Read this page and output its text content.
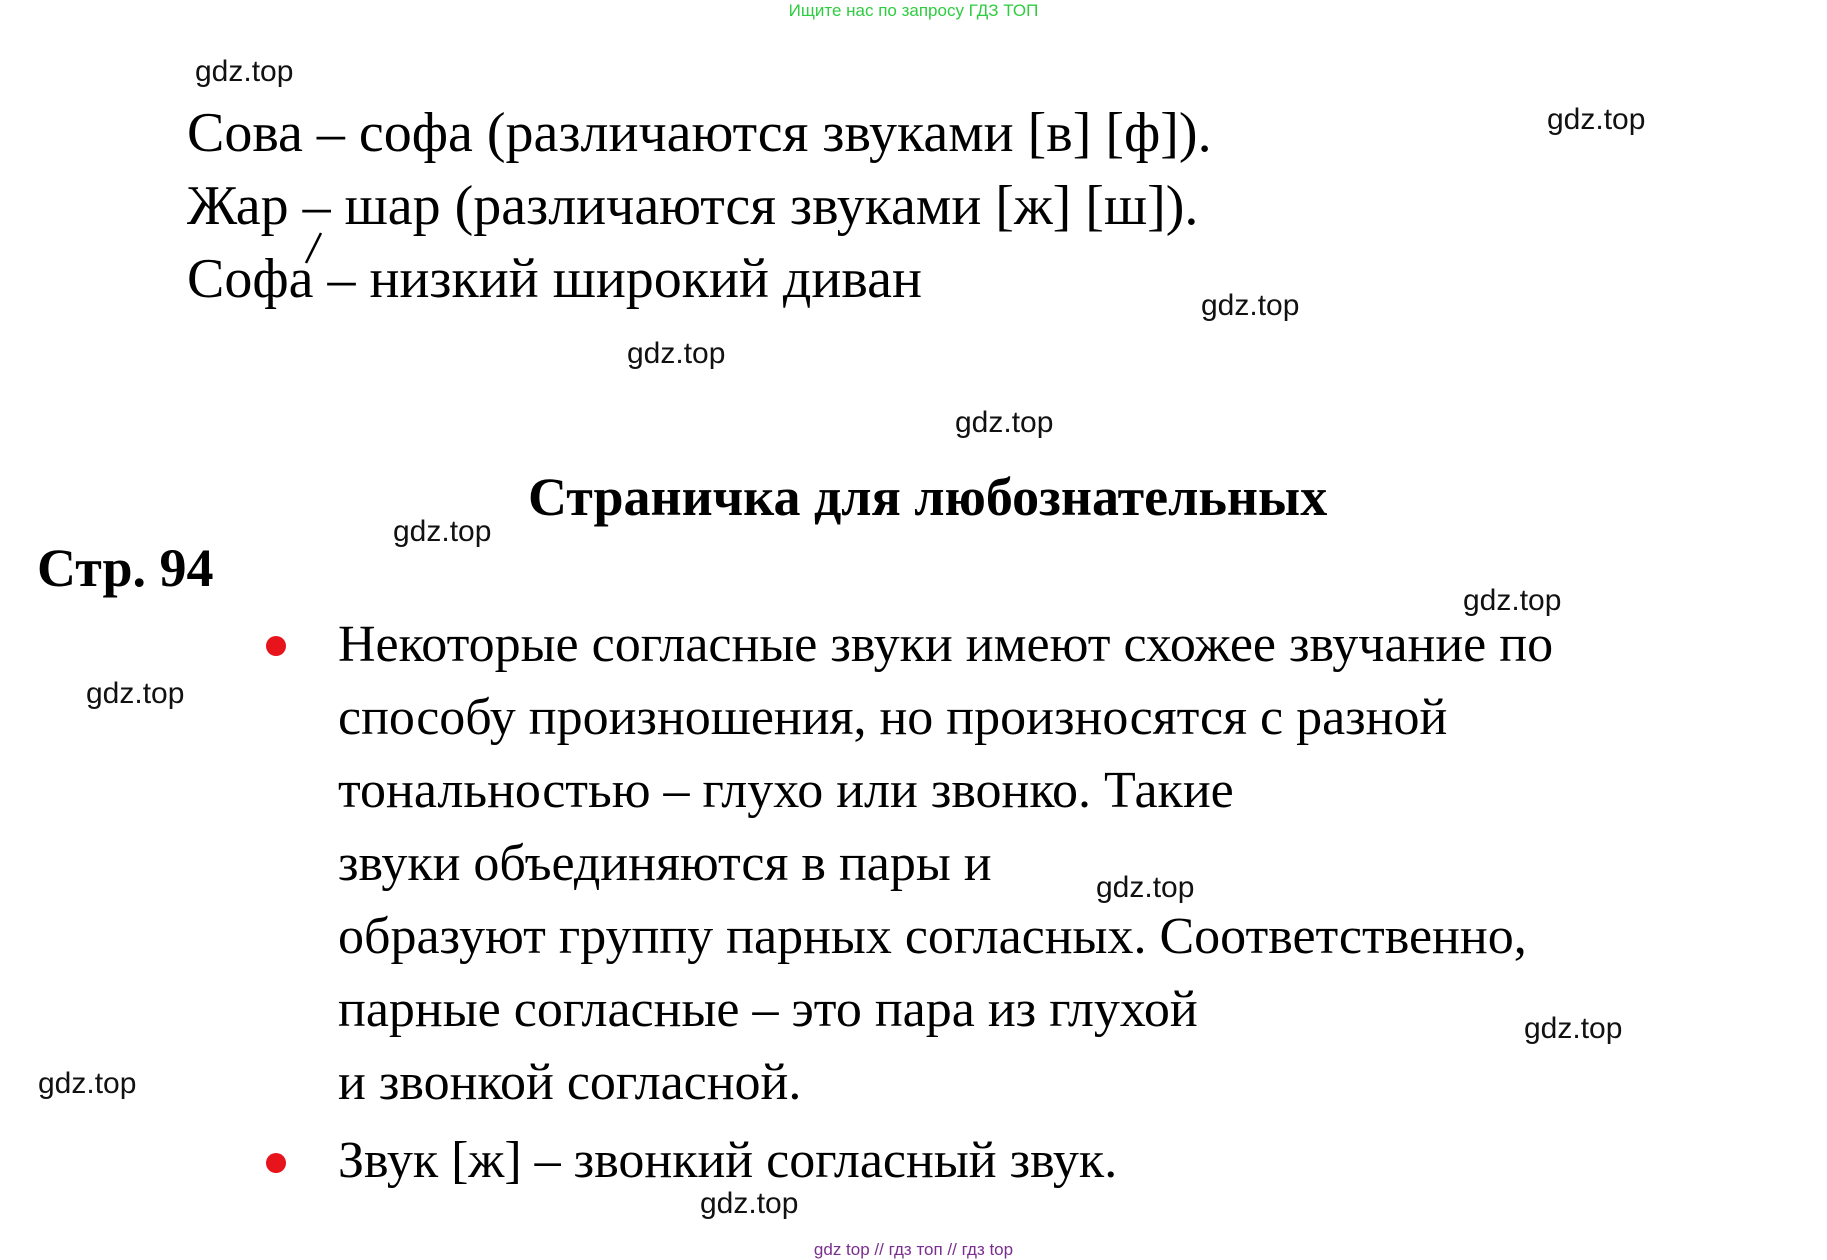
Ищите нас по запросу ГДЗ ТОП
Сова – софа (различаются звуками [в] [ф]).
Жар – шар (различаются звуками [ж] [ш]).
Софа – низкий широкий диван
Страничка для любознательных
Стр. 94
Некоторые согласные звуки имеют схожее звучание по
способу произношения, но произносятся с разной
тональностью – глухо или звонко. Такие
звуки объединяются в пары и
образуют группу парных согласных. Соответственно,
парные согласные – это пара из глухой
и звонкой согласной.
Звук [ж] – звонкий согласный звук.
gdz.top
gdz.top
gdz.top
gdz.top
gdz.top
gdz.top
gdz.top
gdz.top
gdz.top
gdz.top
gdz.top
gdz.top
gdz top // гдз топ // гдз top
